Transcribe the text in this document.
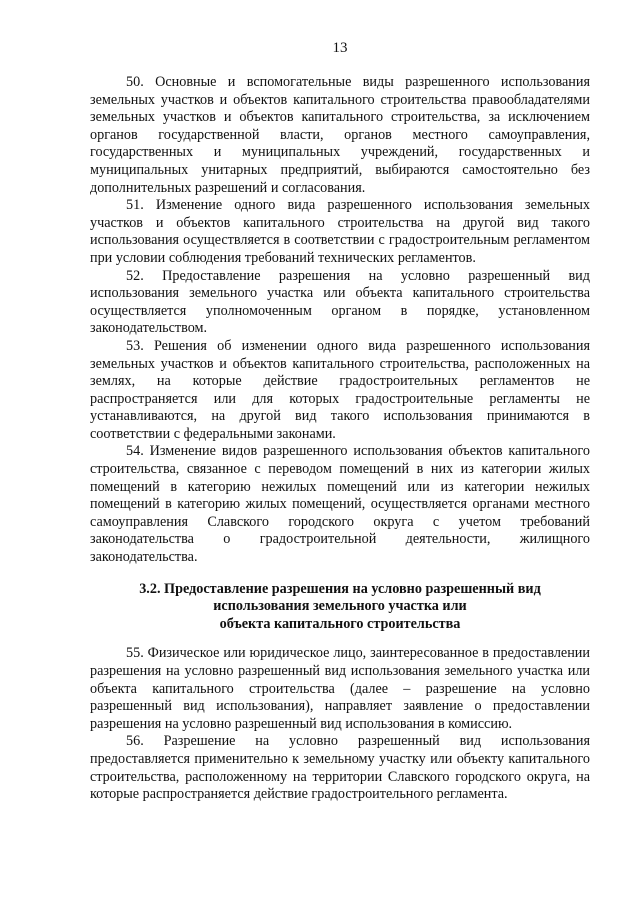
13

50. Основные и вспомогательные виды разрешенного использования земельных участков и объектов капитального строительства правообладателями земельных участков и объектов капитального строительства, за исключением органов государственной власти, органов местного самоуправления, государственных и муниципальных учреждений, государственных и муниципальных унитарных предприятий, выбираются самостоятельно без дополнительных разрешений и согласования.

51. Изменение одного вида разрешенного использования земельных участков и объектов капитального строительства на другой вид такого использования осуществляется в соответствии с градостроительным регламентом при условии соблюдения требований технических регламентов.

52. Предоставление разрешения на условно разрешенный вид использования земельного участка или объекта капитального строительства осуществляется уполномоченным органом в порядке, установленном законодательством.

53. Решения об изменении одного вида разрешенного использования земельных участков и объектов капитального строительства, расположенных на землях, на которые действие градостроительных регламентов не распространяется или для которых градостроительные регламенты не устанавливаются, на другой вид такого использования принимаются в соответствии с федеральными законами.

54. Изменение видов разрешенного использования объектов капитального строительства, связанное с переводом помещений в них из категории жилых помещений в категорию нежилых помещений или из категории нежилых помещений в категорию жилых помещений, осуществляется органами местного самоуправления Славского городского округа с учетом требований законодательства о градостроительной деятельности, жилищного законодательства.

3.2. Предоставление разрешения на условно разрешенный вид
использования земельного участка или
объекта капитального строительства

55. Физическое или юридическое лицо, заинтересованное в предоставлении разрешения на условно разрешенный вид использования земельного участка или объекта капитального строительства (далее – разрешение на условно разрешенный вид использования), направляет заявление о предоставлении разрешения на условно разрешенный вид использования в комиссию.

56. Разрешение на условно разрешенный вид использования предоставляется применительно к земельному участку или объекту капитального строительства, расположенному на территории Славского городского округа, на которые распространяется действие градостроительного регламента.
